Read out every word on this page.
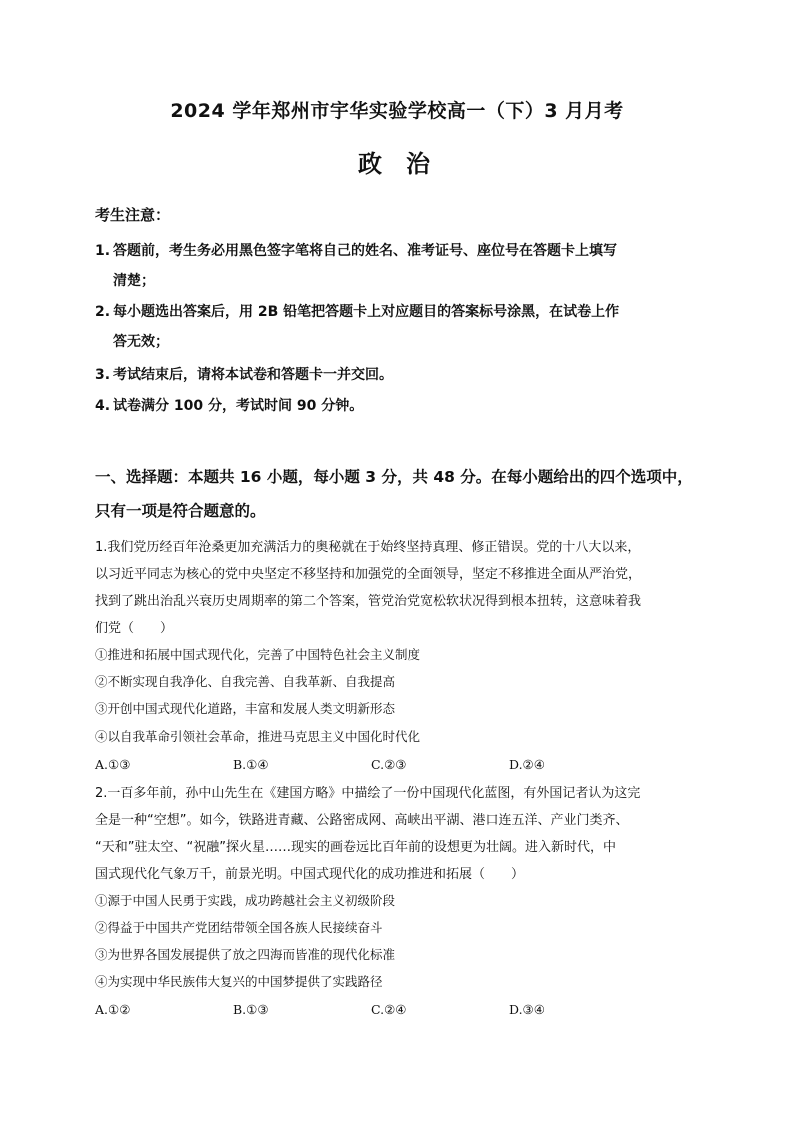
2024 学年郑州市宇华实验学校高一（下）3 月月考
政治
考生注意：
1. 答题前，考生务必用黑色签字笔将自己的姓名、准考证号、座位号在答题卡上填写
清楚；
2. 每小题选出答案后，用 2B 铅笔把答题卡上对应题目的答案标号涂黑，在试卷上作
答无效；
3. 考试结束后，请将本试卷和答题卡一并交回。
4. 试卷满分 100 分，考试时间 90 分钟。
一、选择题：本题共 16 小题，每小题 3 分，共 48 分。在每小题给出的四个选项中，
只有一项是符合题意的。
1.我们党历经百年沧桑更加充满活力的奥秘就在于始终坚持真理、修正错误。党的十八大以来，
以习近平同志为核心的党中央坚定不移坚持和加强党的全面领导，坚定不移推进全面从严治党，
找到了跳出治乱兴衰历史周期率的第二个答案，管党治党宽松软状况得到根本扭转，这意味着我
们党（　　）
①推进和拓展中国式现代化，完善了中国特色社会主义制度
②不断实现自我净化、自我完善、自我革新、自我提高
③开创中国式现代化道路，丰富和发展人类文明新形态
④以自我革命引领社会革命，推进马克思主义中国化时代化
A.①③	B.①④	C.②③	D.②④
2.一百多年前，孙中山先生在《建国方略》中描绘了一份中国现代化蓝图，有外国记者认为这完
全是一种“空想”。如今，铁路进青藏、公路密成网、高峡出平湖、港口连五洋、产业门类齐、
“天和”驻太空、“祝融”探火星……现实的画卷远比百年前的设想更为壮阔。进入新时代，中
国式现代化气象万千，前景光明。中国式现代化的成功推进和拓展（　　）
①源于中国人民勇于实践，成功跨越社会主义初级阶段
②得益于中国共产党团结带领全国各族人民接续奋斗
③为世界各国发展提供了放之四海而皆准的现代化标准
④为实现中华民族伟大复兴的中国梦提供了实践路径
A.①②	B.①③	C.②④	D.③④
